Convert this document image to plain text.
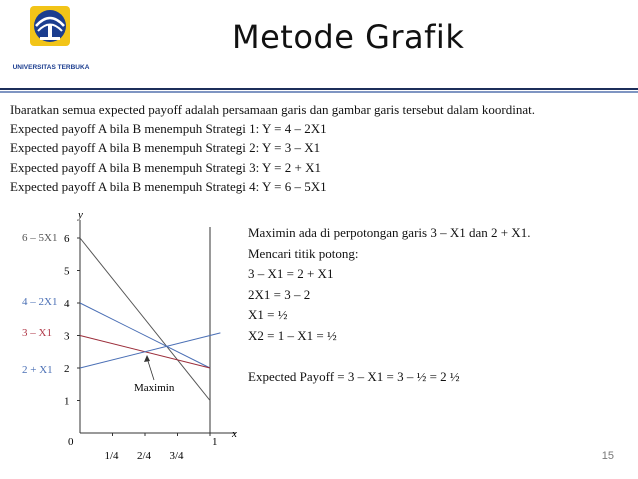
UNIVERSITAS TERBUKA
Metode Grafik
Ibaratkan semua expected payoff adalah persamaan garis dan gambar garis tersebut dalam koordinat.
Expected payoff A bila B menempuh Strategi 1: Y = 4 – 2X1
Expected payoff A bila B menempuh Strategi 2: Y = 3 – X1
Expected payoff A bila B menempuh Strategi 3: Y = 2 + X1
Expected payoff A bila B menempuh Strategi 4: Y = 6 – 5X1
y
x
0
1
2
3
4
5
6
1/4 2/4 3/4
1
6 – 5X1
4 – 2X1
3 – X1
2 + X1
Maximin
Maximin ada di perpotongan garis 3 – X1 dan 2 + X1.
Mencari titik potong:
3 – X1 = 2 + X1
2X1 = 3 – 2
X1 = ½
X2 = 1 – X1 = ½
Expected Payoff = 3 – X1 = 3 – ½ = 2 ½
15
